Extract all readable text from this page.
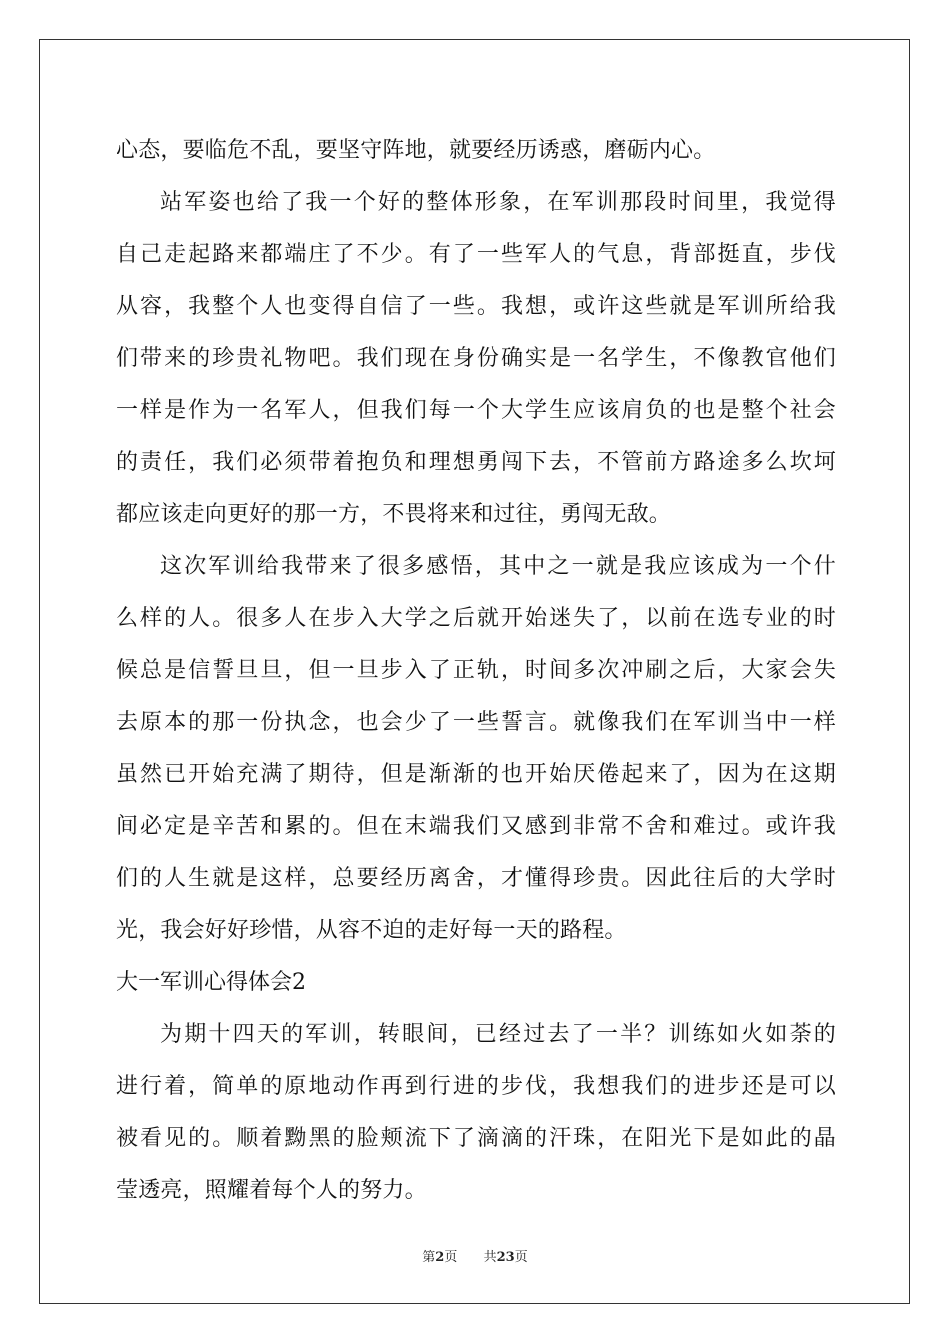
心态，要临危不乱，要坚守阵地，就要经历诱惑，磨砺内心。
站军姿也给了我一个好的整体形象，在军训那段时间里，我觉得
自己走起路来都端庄了不少。有了一些军人的气息，背部挺直，步伐
从容，我整个人也变得自信了一些。我想，或许这些就是军训所给我
们带来的珍贵礼物吧。我们现在身份确实是一名学生，不像教官他们
一样是作为一名军人，但我们每一个大学生应该肩负的也是整个社会
的责任，我们必须带着抱负和理想勇闯下去，不管前方路途多么坎坷
都应该走向更好的那一方，不畏将来和过往，勇闯无敌。
这次军训给我带来了很多感悟，其中之一就是我应该成为一个什
么样的人。很多人在步入大学之后就开始迷失了，以前在选专业的时
候总是信誓旦旦，但一旦步入了正轨，时间多次冲刷之后，大家会失
去原本的那一份执念，也会少了一些誓言。就像我们在军训当中一样
虽然已开始充满了期待，但是渐渐的也开始厌倦起来了，因为在这期
间必定是辛苦和累的。但在末端我们又感到非常不舍和难过。或许我
们的人生就是这样，总要经历离舍，才懂得珍贵。因此往后的大学时
光，我会好好珍惜，从容不迫的走好每一天的路程。
大一军训心得体会2
为期十四天的军训，转眼间，已经过去了一半？训练如火如荼的
进行着，简单的原地动作再到行进的步伐，我想我们的进步还是可以
被看见的。顺着黝黑的脸颊流下了滴滴的汗珠，在阳光下是如此的晶
莹透亮，照耀着每个人的努力。
第2页 共23页
